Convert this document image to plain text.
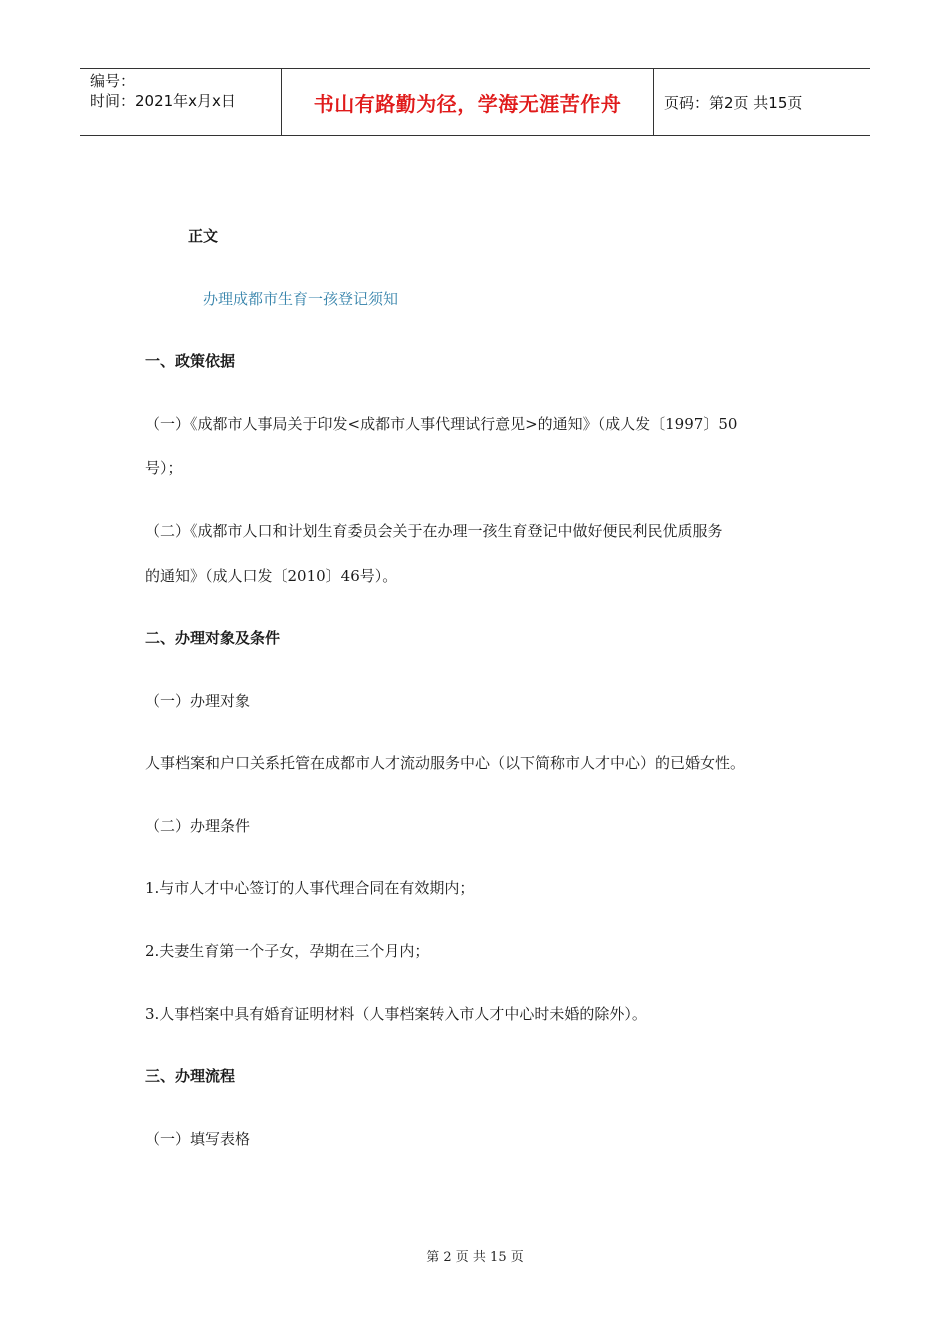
编号：
时间：2021年x月x日	书山有路勤为径，学海无涯苦作舟	页码：第2页 共15页
正文
办理成都市生育一孩登记须知
一、政策依据
（一）《成都市人事局关于印发<成都市人事代理试行意见>的通知》（成人发〔1997〕50
号）；
（二）《成都市人口和计划生育委员会关于在办理一孩生育登记中做好便民利民优质服务
的通知》（成人口发〔2010〕46号）。
二、办理对象及条件
（一）办理对象
人事档案和户口关系托管在成都市人才流动服务中心（以下简称市人才中心）的已婚女性。
（二）办理条件
1.与市人才中心签订的人事代理合同在有效期内；
2.夫妻生育第一个子女，孕期在三个月内；
3.人事档案中具有婚育证明材料（人事档案转入市人才中心时未婚的除外）。
三、办理流程
（一）填写表格
第 2 页 共 15 页
